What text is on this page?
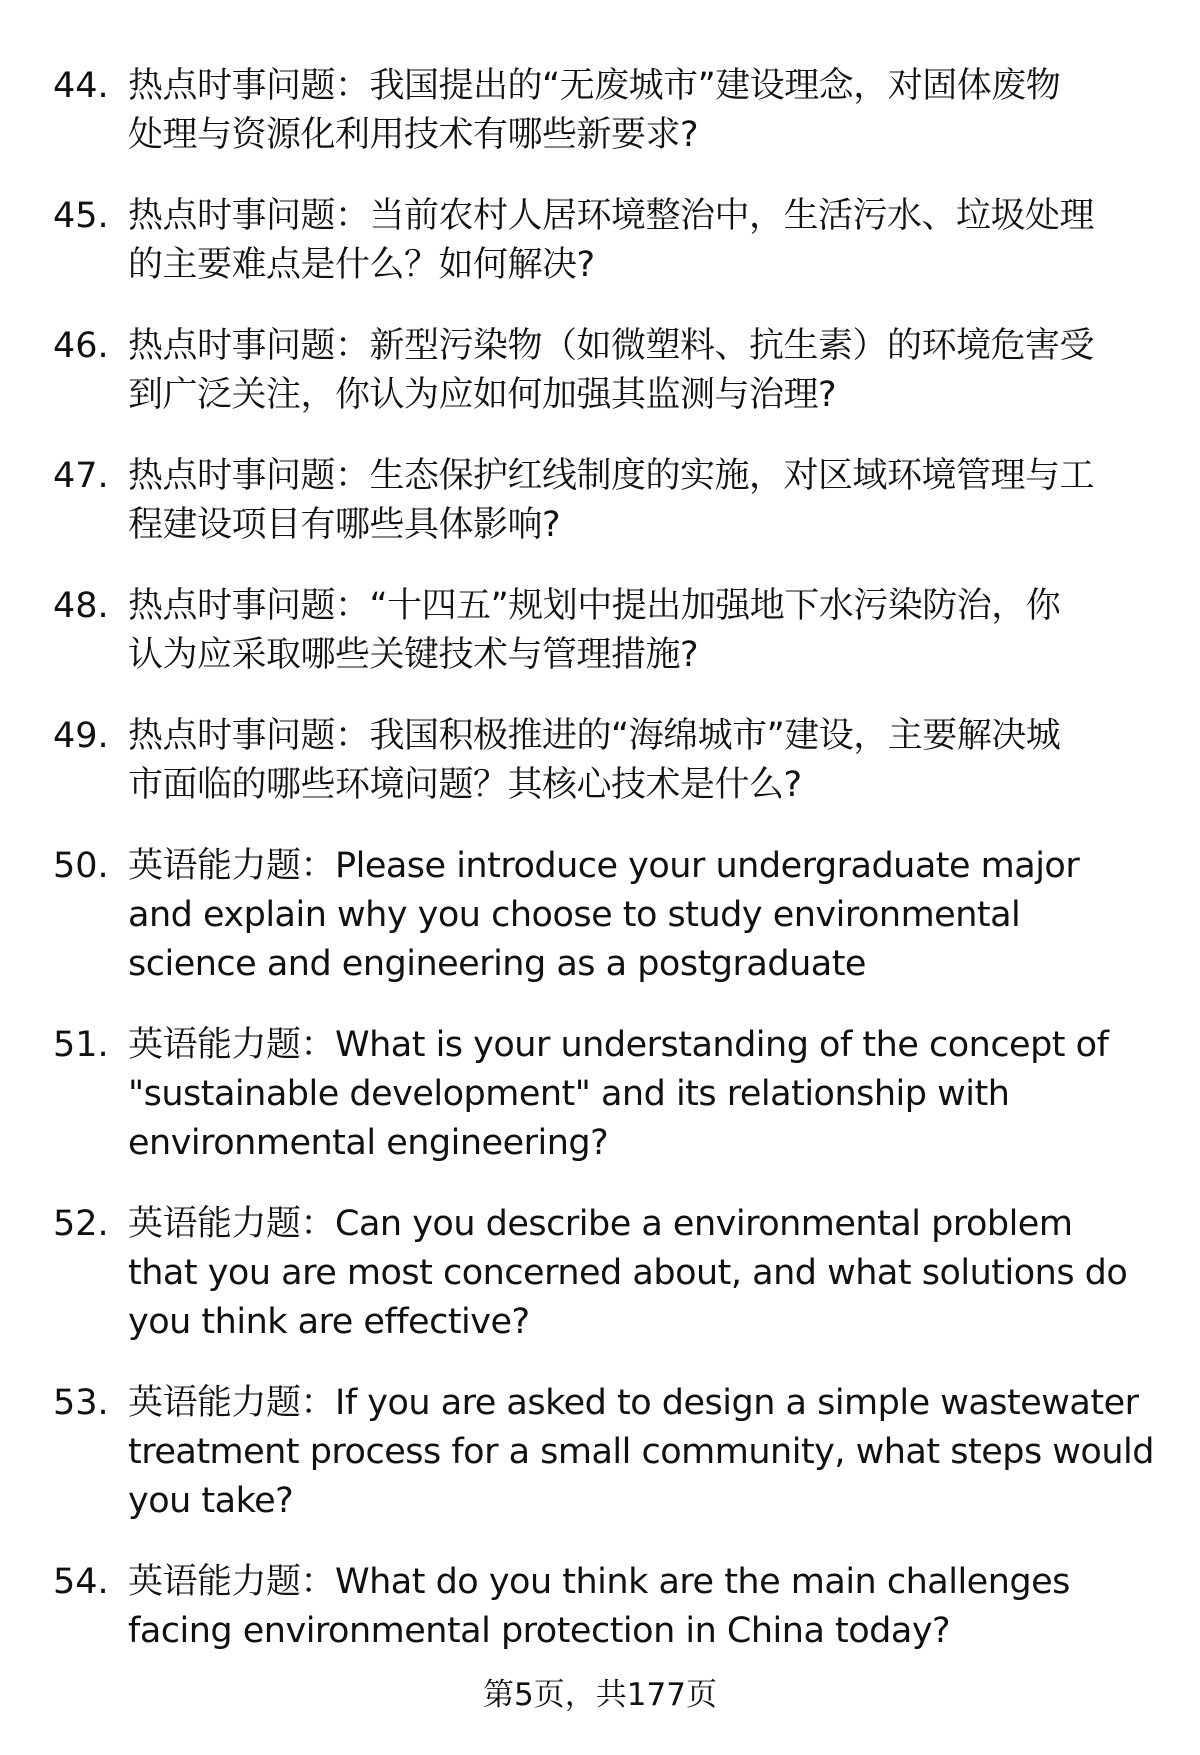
44. 热点时事问题：我国提出的“无废城市”建设理念，对固体废物
处理与资源化利用技术有哪些新要求?
45. 热点时事问题：当前农村人居环境整治中，生活污水、垃圾处理
的主要难点是什么？如何解决?
46. 热点时事问题：新型污染物（如微塑料、抗生素）的环境危害受
到广泛关注，你认为应如何加强其监测与治理?
47. 热点时事问题：生态保护红线制度的实施，对区域环境管理与工
程建设项目有哪些具体影响?
48. 热点时事问题：“十四五”规划中提出加强地下水污染防治，你
认为应采取哪些关键技术与管理措施?
49. 热点时事问题：我国积极推进的“海绵城市”建设，主要解决城
市面临的哪些环境问题？其核心技术是什么?
50. 英语能力题：Please introduce your undergraduate major
and explain why you choose to study environmental
science and engineering as a postgraduate
51. 英语能力题：What is your understanding of the concept of
"sustainable development" and its relationship with
environmental engineering?
52. 英语能力题：Can you describe a environmental problem
that you are most concerned about, and what solutions do
you think are effective?
53. 英语能力题：If you are asked to design a simple wastewater
treatment process for a small community, what steps would
you take?
54. 英语能力题：What do you think are the main challenges
facing environmental protection in China today?
第5页，共177页
